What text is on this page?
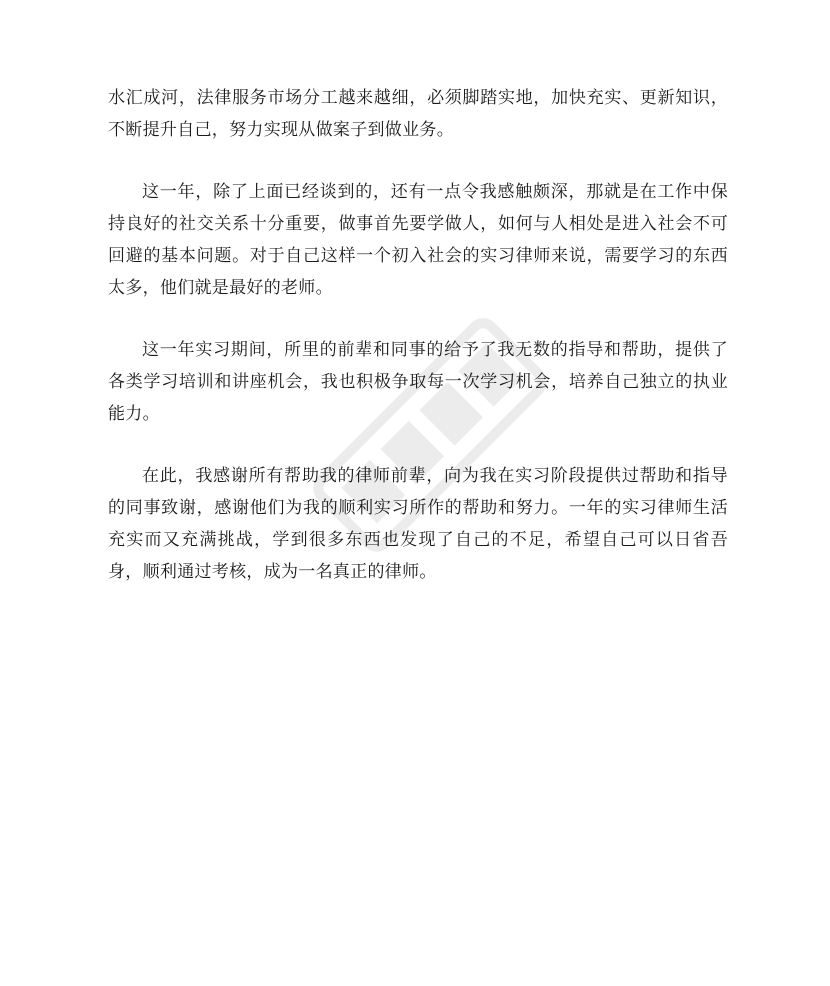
水汇成河，法律服务市场分工越来越细，必须脚踏实地，加快充实、更新知识，不断提升自己，努力实现从做案子到做业务。

这一年，除了上面已经谈到的，还有一点令我感触颇深，那就是在工作中保持良好的社交关系十分重要，做事首先要学做人，如何与人相处是进入社会不可回避的基本问题。对于自己这样一个初入社会的实习律师来说，需要学习的东西太多，他们就是最好的老师。

这一年实习期间，所里的前辈和同事的给予了我无数的指导和帮助，提供了各类学习培训和讲座机会，我也积极争取每一次学习机会，培养自己独立的执业能力。

在此，我感谢所有帮助我的律师前辈，向为我在实习阶段提供过帮助和指导的同事致谢，感谢他们为我的顺利实习所作的帮助和努力。一年的实习律师生活充实而又充满挑战，学到很多东西也发现了自己的不足，希望自己可以日省吾身，顺利通过考核，成为一名真正的律师。
